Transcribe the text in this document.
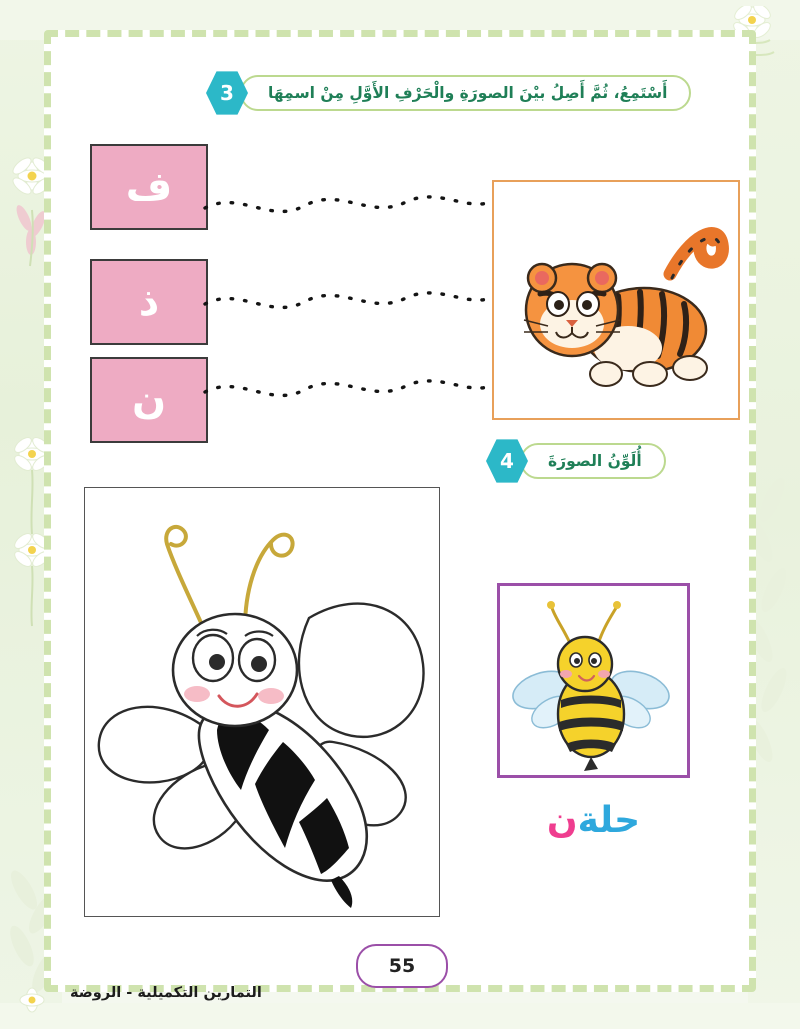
أَسْتَمِعُ، ثُمَّ أَصِلُ بيْنَ الصورَةِ والْحَرْفِ الأَوَّلِ مِنْ اسمِهَا
3
ف
ذ
ن
أُلَوِّنُ الصورَةَ
4
حلةن
55
التمارين التكميلية - الروضة
